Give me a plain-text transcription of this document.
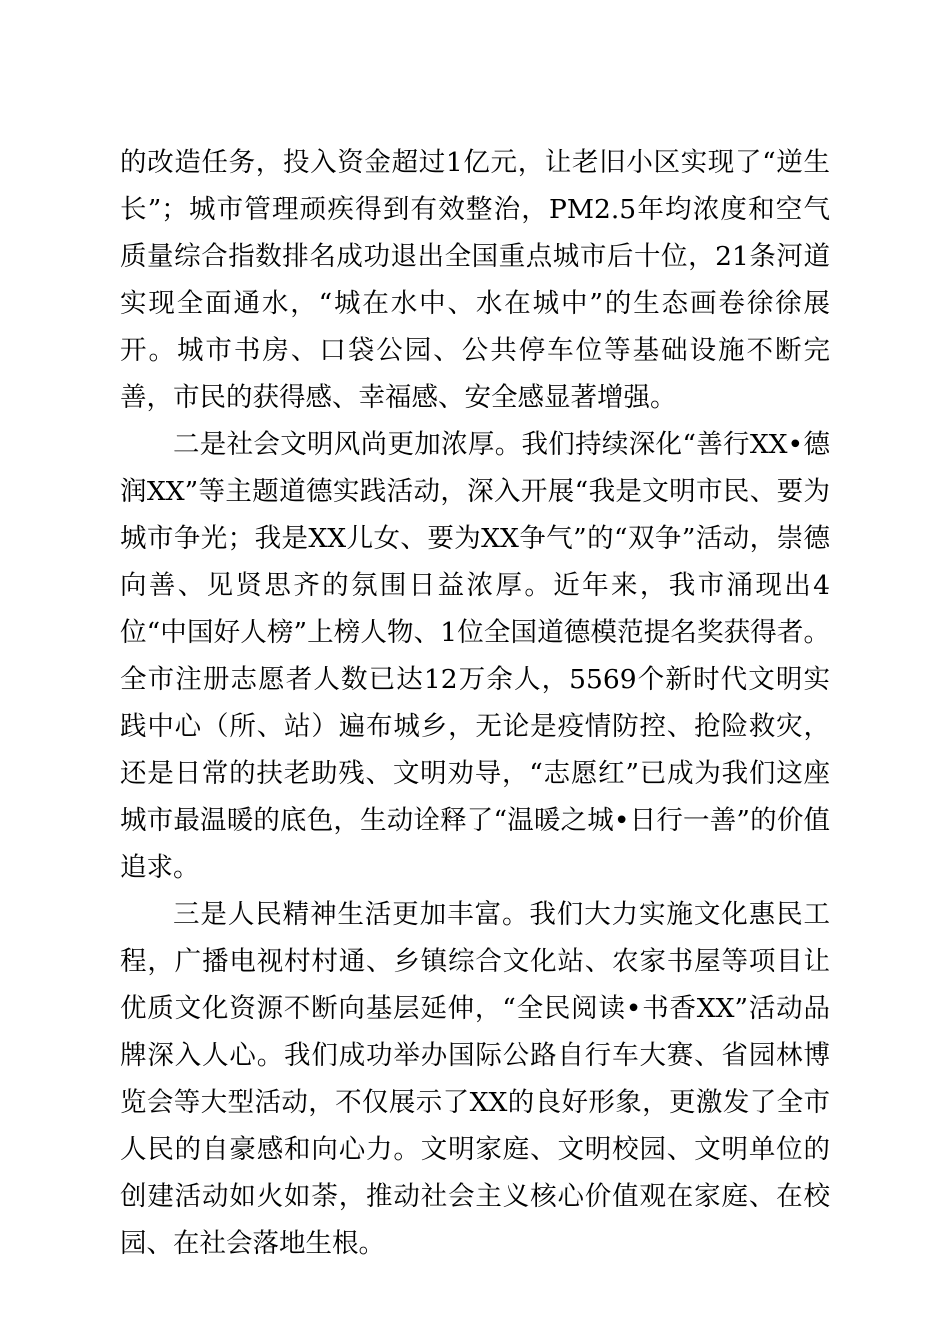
的改造任务，投入资金超过1亿元，让老旧小区实现了“逆生长”；城市管理顽疾得到有效整治，PM2.5年均浓度和空气质量综合指数排名成功退出全国重点城市后十位，21条河道实现全面通水，“城在水中、水在城中”的生态画卷徐徐展开。城市书房、口袋公园、公共停车位等基础设施不断完善，市民的获得感、幸福感、安全感显著增强。

二是社会文明风尚更加浓厚。我们持续深化“善行XX•德润XX”等主题道德实践活动，深入开展“我是文明市民、要为城市争光；我是XX儿女、要为XX争气”的“双争”活动，崇德向善、见贤思齐的氛围日益浓厚。近年来，我市涌现出4位“中国好人榜”上榜人物、1位全国道德模范提名奖获得者。全市注册志愿者人数已达12万余人，5569个新时代文明实践中心（所、站）遍布城乡，无论是疫情防控、抢险救灾，还是日常的扶老助残、文明劝导，“志愿红”已成为我们这座城市最温暖的底色，生动诠释了“温暖之城•日行一善”的价值追求。

三是人民精神生活更加丰富。我们大力实施文化惠民工程，广播电视村村通、乡镇综合文化站、农家书屋等项目让优质文化资源不断向基层延伸，“全民阅读•书香XX”活动品牌深入人心。我们成功举办国际公路自行车大赛、省园林博览会等大型活动，不仅展示了XX的良好形象，更激发了全市人民的自豪感和向心力。文明家庭、文明校园、文明单位的创建活动如火如荼，推动社会主义核心价值观在家庭、在校园、在社会落地生根。
